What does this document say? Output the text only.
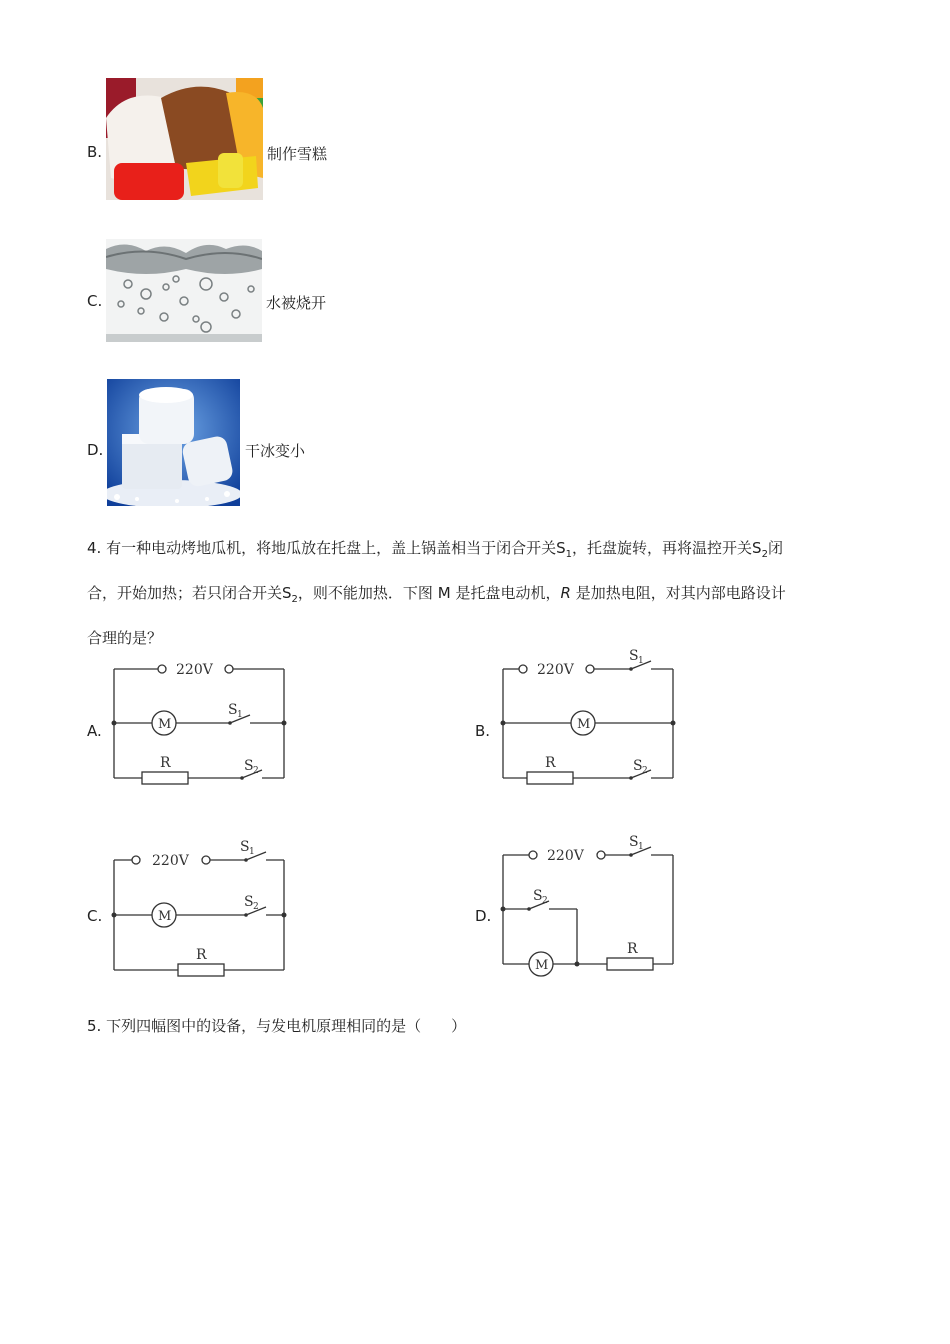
B.	制作雪糕
C.	水被烧开
D.	干冰变小
4. 有一种电动烤地瓜机，将地瓜放在托盘上，盖上锅盖相当于闭合开关$S_1$，托盘旋转，再将温控开关$S_2$闭
合，开始加热；若只闭合开关$S_2$，则不能加热．下图 M 是托盘电动机，R 是加热电阻，对其内部电路设计
合理的是？
A.
220V
M
R
S 1
S 2
B.
220V
M
R
S 1
S 2
C.
220V
M
R
S 1
S 2	D.
220V
M
R
S 1
S 2
5. 下列四幅图中的设备，与发电机原理相同的是（　　）
